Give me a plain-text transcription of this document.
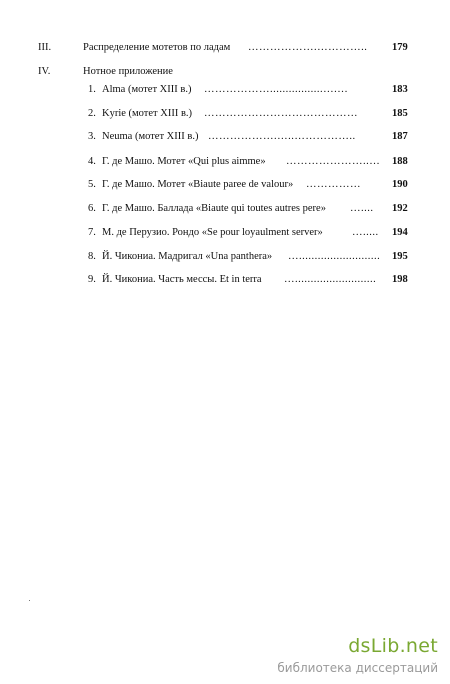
III.	Распределение мотетов по ладам ……………….…………..	179
IV.	Нотное приложение
1. Alma (мотет XIII в.) ……………….................….…	183
2. Kyrie (мотет XIII в.) ……………………………………	185
3. Neuma (мотет XIII в.) ……………….…..……………..	187
4. Г. де Машо. Мотет «Qui plus aimme» …………………..… 188
5. Г. де Машо. Мотет «Biaute paree de valour» ……………	190
6. Г. де Машо. Баллада «Biaute qui toutes autres pere» …....	192
7. М. де Перузио. Рондо «Se pour loyaulment server»	….....	194
8. Й. Чикониа. Мадригал «Una panthera» ….......................... 195
9. Й. Чикониа. Часть мессы. Et in terra …..........................	198
dsLib.net
библиотека диссертаций
